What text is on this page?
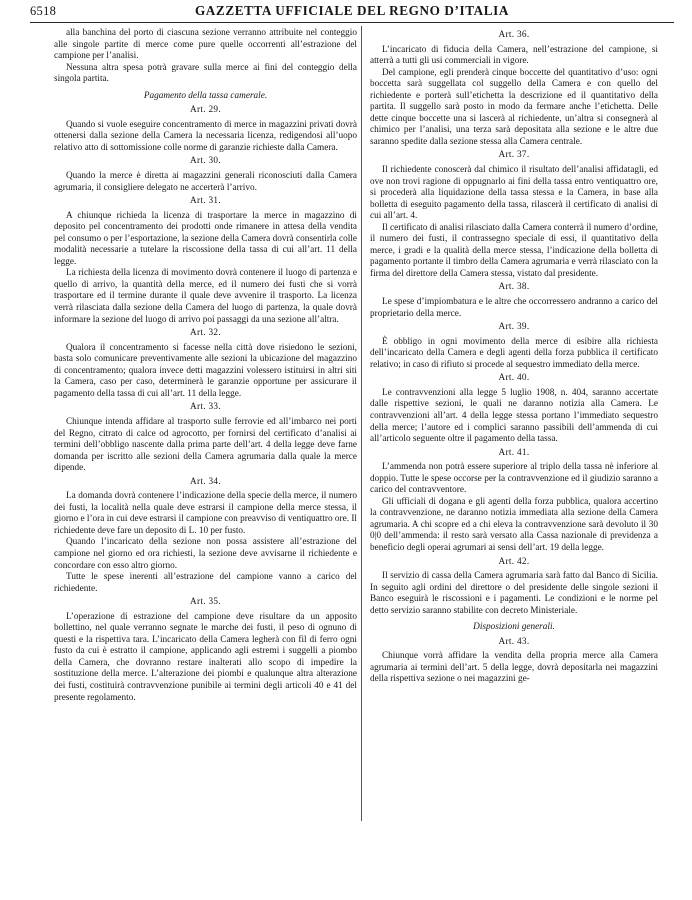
6518	GAZZETTA UFFICIALE DEL REGNO D’ITALIA

alla banchina del porto di ciascuna sezione verranno attribuite nel conteggio alle singole partite di merce come pure quelle occorrenti all’estrazione del campione per l’analisi.

Nessuna altra spesa potrà gravare sulla merce ai fini del conteggio della singola partita.

Pagamento della tassa camerale.

Art. 29.

Quando si vuole eseguire concentramento di merce in magazzini privati dovrà ottenersi dalla sezione della Camera la necessaria licenza, redigendosi all’uopo relativo atto di sottomissione colle norme di garanzie richieste dalla Camera.

Art. 30.

Quando la merce è diretta ai magazzini generali riconosciuti dalla Camera agrumaria, il consigliere delegato ne accerterà l’arrivo.

Art. 31.

A chiunque richieda la licenza di trasportare la merce in magazzino di deposito pel concentramento dei prodotti onde rimanere in attesa della vendita pel consumo o per l’esportazione, la sezione della Camera dovrà consentirla colle modalità necessarie a tutelare la riscossione della tassa di cui all’art. 11 della legge.

La richiesta della licenza di movimento dovrà contenere il luogo di partenza e quello di arrivo, la quantità della merce, ed il numero dei fusti che si vorrà trasportare ed il termine durante il quale deve avvenire il trasporto. La licenza verrà rilasciata dalla sezione della Camera del luogo di partenza, la quale dovrà informare la sezione del luogo di arrivo poi passaggi da una sezione all’altra.

Art. 32.

Qualora il concentramento si facesse nella città dove risiedono le sezioni, basta solo comunicare preventivamente alle sezioni la ubicazione del magazzino di concentramento; qualora invece detti magazzini volessero istituirsi in altri siti la Camera, caso per caso, determinerà le garanzie opportune per assicurare il pagamento della tassa di cui all’art. 11 della legge.

Art. 33.

Chiunque intenda affidare al trasporto sulle ferrovie ed all’imbarco nei porti del Regno, citrato di calce od agrocotto, per fornirsi del certificato d’analisi ai termini dell’obbligo nascente dalla prima parte dell’art. 4 della legge deve farne domanda per iscritto alle sezioni della Camera agrumaria dalla quale la merce dipende.

Art. 34.

La domanda dovrà contenere l’indicazione della specie della merce, il numero dei fusti, la località nella quale deve estrarsi il campione della merce stessa, il giorno e l’ora in cui deve estrarsi il campione con preavviso di ventiquattro ore. Il richiedente deve fare un deposito di L. 10 per fusto.

Quando l’incaricato della sezione non possa assistere all’estrazione del campione nel giorno ed ora richiesti, la sezione deve avvisarne il richiedente e concordare con esso altro giorno.

Tutte le spese inerenti all’estrazione del campione vanno a carico del richiedente.

Art. 35.

L’operazione di estrazione del campione deve risultare da un apposito bollettino, nel quale verranno segnate le marche dei fusti, il peso di ognuno di questi e la rispettiva tara. L’incaricato della Camera legherà con fil di ferro ogni fusto da cui è estratto il campione, applicando agli estremi i suggelli a piombo della Camera, che dovranno restare inalterati allo scopo di impedire la sostituzione della merce. L’alterazione dei piombi e qualunque altra alterazione dei fusti, costituirà contravvenzione punibile ai termini degli articoli 40 e 41 del presente regolamento.

Art. 36.

L’incaricato di fiducia della Camera, nell’estrazione del campione, si atterrà a tutti gli usi commerciali in vigore.

Del campione, egli prenderà cinque boccette del quantitativo d’uso: ogni boccetta sarà suggellata col suggello della Camera e con quello del richiedente e porterà sull’etichetta la descrizione ed il quantitativo della partita. Il suggello sarà posto in modo da fermare anche l’etichetta. Delle dette cinque boccette una si lascerà al richiedente, un’altra si consegnerà al chimico per l’analisi, una terza sarà depositata alla sezione e le altre due saranno spedite dalla sezione stessa alla Camera centrale.

Art. 37.

Il richiedente conoscerà dal chimico il risultato dell’analisi affidatagli, ed ove non trovi ragione di oppugnarlo ai fini della tassa entro ventiquattro ore, si procederà alla liquidazione della tassa stessa e la Camera, in base alla bolletta di eseguito pagamento della tassa, rilascerà il certificato di analisi di cui all’art. 4.

Il certificato di analisi rilasciato dalla Camera conterrà il numero d’ordine, il numero dei fusti, il contrassegno speciale di essi, il quantitativo della merce, i gradi e la qualità della merce stessa, l’indicazione della bolletta di pagamento portante il timbro della Camera agrumaria e verrà rilasciato con la firma del direttore della Camera stessa, vistato dal presidente.

Art. 38.

Le spese d’impiombatura e le altre che occorressero andranno a carico del proprietario della merce.

Art. 39.

È obbligo in ogni movimento della merce di esibire alla richiesta dell’incaricato della Camera e degli agenti della forza pubblica il certificato relativo; in caso di rifiuto si procede al sequestro immediato della merce.

Art. 40.

Le contravvenzioni alla legge 5 luglio 1908, n. 404, saranno accertate dalle rispettive sezioni, le quali ne daranno notizia alla Camera. Le contravvenzioni all’art. 4 della legge stessa portano l’immediato sequestro della merce; l’autore ed i complici saranno passibili dell’ammenda di cui all’articolo seguente oltre il pagamento della tassa.

Art. 41.

L’ammenda non potrà essere superiore al triplo della tassa nè inferiore al doppio. Tutte le spese occorse per la contravvenzione ed il giudizio saranno a carico del contravventore.

Gli ufficiali di dogana e gli agenti della forza pubblica, qualora accertino la contravvenzione, ne daranno notizia immediata alla sezione della Camera agrumaria. A chi scopre ed a chi eleva la contravvenzione sarà devoluto il 30 0|0 dell’ammenda: il resto sarà versato alla Cassa nazionale di previdenza a beneficio degli operai agrumari ai sensi dell’art. 19 della legge.

Art. 42.

Il servizio di cassa della Camera agrumaria sarà fatto dal Banco di Sicilia. In seguito agli ordini del direttore o del presidente delle singole sezioni il Banco eseguirà le riscossioni e i pagamenti. Le condizioni e le norme pel detto servizio saranno stabilite con decreto Ministeriale.

Disposizioni generali.

Art. 43.

Chiunque vorrà affidare la vendita della propria merce alla Camera agrumaria ai termini dell’art. 5 della legge, dovrà depositarla nei magazzini della rispettiva sezione o nei magazzini ge-
